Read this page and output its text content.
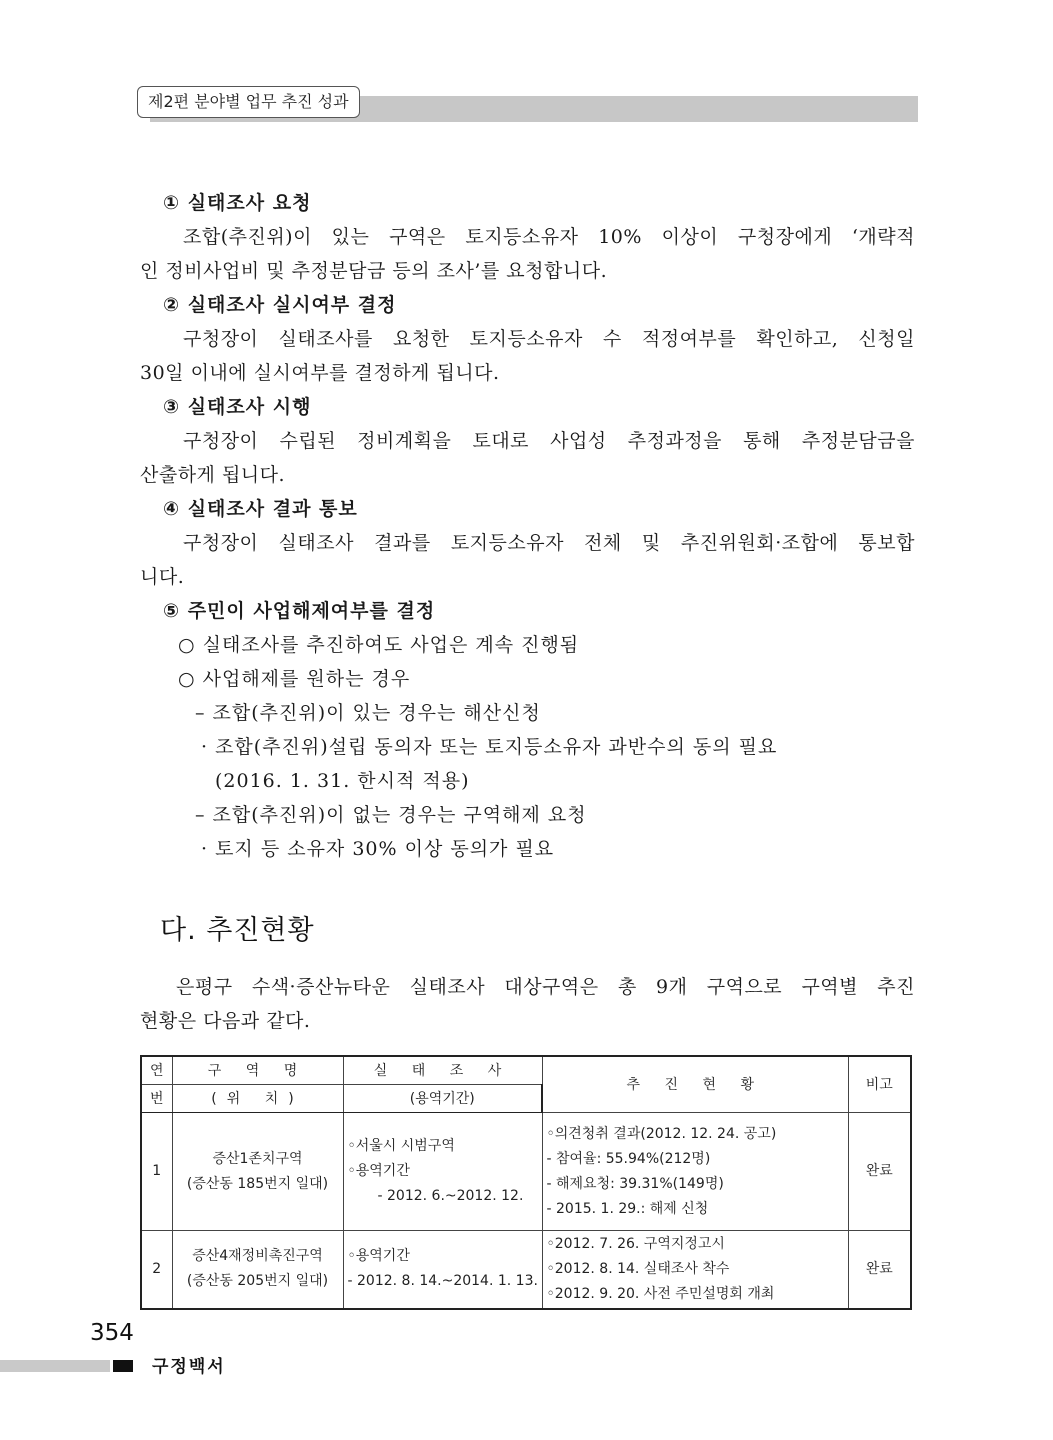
제2편 분야별 업무 추진 성과
① 실태조사 요청
조합(추진위)이 있는 구역은 토지등소유자 10% 이상이 구청장에게 ‘개략적
인 정비사업비 및 추정분담금 등의 조사’를 요청합니다.
② 실태조사 실시여부 결정
구청장이 실태조사를 요청한 토지등소유자 수 적정여부를 확인하고, 신청일
30일 이내에 실시여부를 결정하게 됩니다.
③ 실태조사 시행
구청장이 수립된 정비계획을 토대로 사업성 추정과정을 통해 추정분담금을
산출하게 됩니다.
④ 실태조사 결과 통보
구청장이 실태조사 결과를 토지등소유자 전체 및 추진위원회·조합에 통보합
니다.
⑤ 주민이 사업해제여부를 결정
○ 실태조사를 추진하여도 사업은 계속 진행됨
○ 사업해제를 원하는 경우
– 조합(추진위)이 있는 경우는 해산신청
· 조합(추진위)설립 동의자 또는 토지등소유자 과반수의 동의 필요
(2016. 1. 31. 한시적 적용)
– 조합(추진위)이 없는 경우는 구역해제 요청
· 토지 등 소유자 30% 이상 동의가 필요
다. 추진현황
은평구 수색·증산뉴타운 실태조사 대상구역은 총 9개 구역으로 구역별 추진
현황은 다음과 같다.
연	구 역 명	실 태 조 사	추 진 현 황	비고
번	(위 치)	(용역기간)		
1	증산1존치구역
(증산동 185번지 일대)	◦서울시 시범구역
◦용역기간
- 2012. 6.~2012. 12.	◦의견청취 결과(2012. 12. 24. 공고)
- 참여율: 55.94%(212명)
- 해제요청: 39.31%(149명)
- 2015. 1. 29.: 해제 신청	완료
2	증산4재정비촉진구역
(증산동 205번지 일대)	◦용역기간
- 2012. 8. 14.~2014. 1. 13.	◦2012. 7. 26. 구역지정고시
◦2012. 8. 14. 실태조사 착수
◦2012. 9. 20. 사전 주민설명회 개최	완료
354
구정백서
